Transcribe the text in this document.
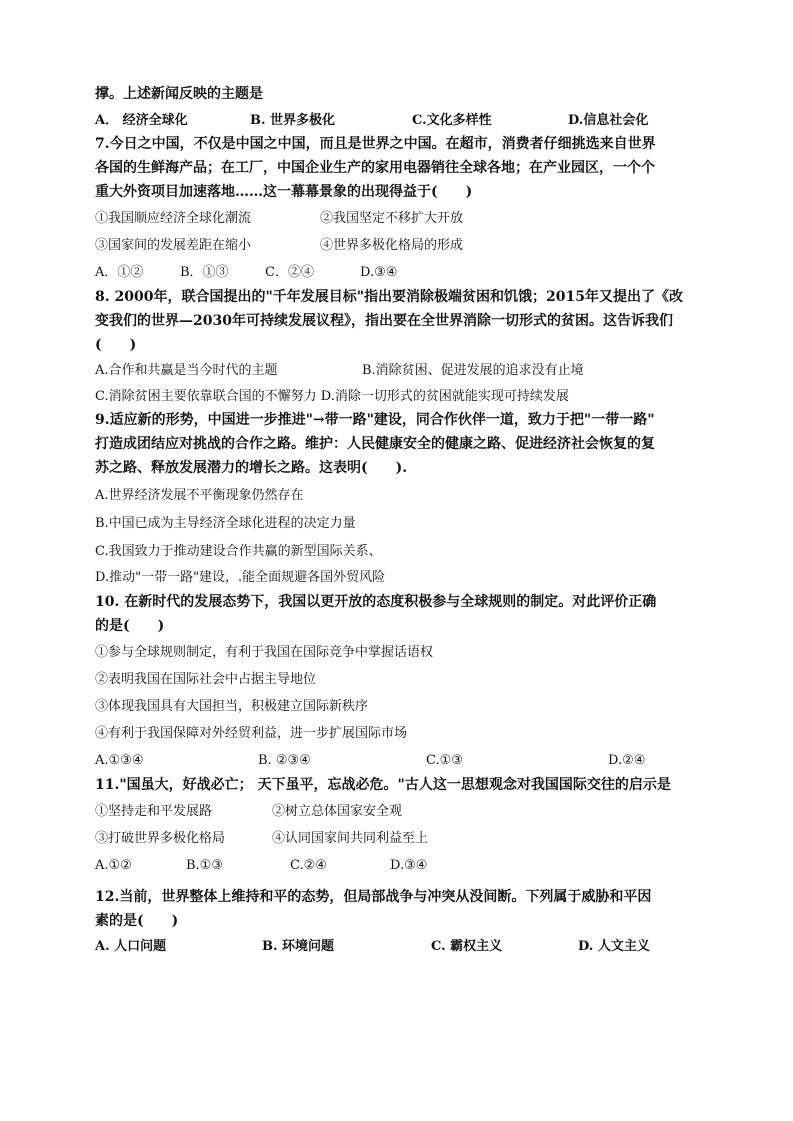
撑。上述新闻反映的主题是
A． 经济全球化	B. 世界多极化	C.文化多样性	D.信息社会化
7.今日之中国，不仅是中国之中国，而且是世界之中国。在超市，消费者仔细挑选来自世界
各国的生鲜海产品；在工厂，中国企业生产的家用电器销往全球各地；在产业园区，一个个
重大外资项目加速落地……这一幕幕景象的出现得益于(　　)
①我国顺应经济全球化潮流	②我国坚定不移扩大开放
③国家间的发展差距在缩小	④世界多极化格局的形成
A．①②	B．①③	C．②④	D.③④
8. 2000年，联合国提出的"千年发展目标"指出要消除极端贫困和饥饿；2015年又提出了《改
变我们的世界—2030年可持续发展议程》，指出要在全世界消除一切形式的贫困。这告诉我们
(　　)
A.合作和共赢是当今时代的主题	B.消除贫困、促进发展的追求没有止境
C.消除贫困主要依靠联合国的不懈努力 D.消除一切形式的贫困就能实现可持续发展
9.适应新的形势，中国进一步推进"→带一路"建设，同合作伙伴一道，致力于把"一带一路"
打造成团结应对挑战的合作之路。维护：人民健康安全的健康之路、促进经济社会恢复的复
苏之路、释放发展潜力的增长之路。这表明(　　).
A.世界经济发展不平衡现象仍然存在
B.中国已成为主导经济全球化进程的决定力量
C.我国致力于推动建设合作共赢的新型国际关系、
D.推动"一带一路"建设，.能全面规避各国外贸风险
10. 在新时代的发展态势下，我国以更开放的态度积极参与全球规则的制定。对此评价正确
的是(　　)
①参与全球规则制定，有利于我国在国际竞争中掌握话语权
②表明我国在国际社会中占据主导地位
③体现我国具有大国担当，积极建立国际新秩序
④有利于我国保障对外经贸利益，进一步扩展国际市场
A.①③④	B. ②③④	C.①③	D.②④
11."国虽大，好战必亡； 天下虽平，忘战必危。"古人这一思想观念对我国国际交往的启示是
①坚持走和平发展路	②树立总体国家安全观
③打破世界多极化格局	④认同国家间共同利益至上
A.①②	B.①③	C.②④	D.③④
12.当前，世界整体上维持和平的态势，但局部战争与冲突从没间断。下列属于威胁和平因
素的是(　　)
A. 人口问题	B. 环境问题	C. 霸权主义	D. 人文主义
